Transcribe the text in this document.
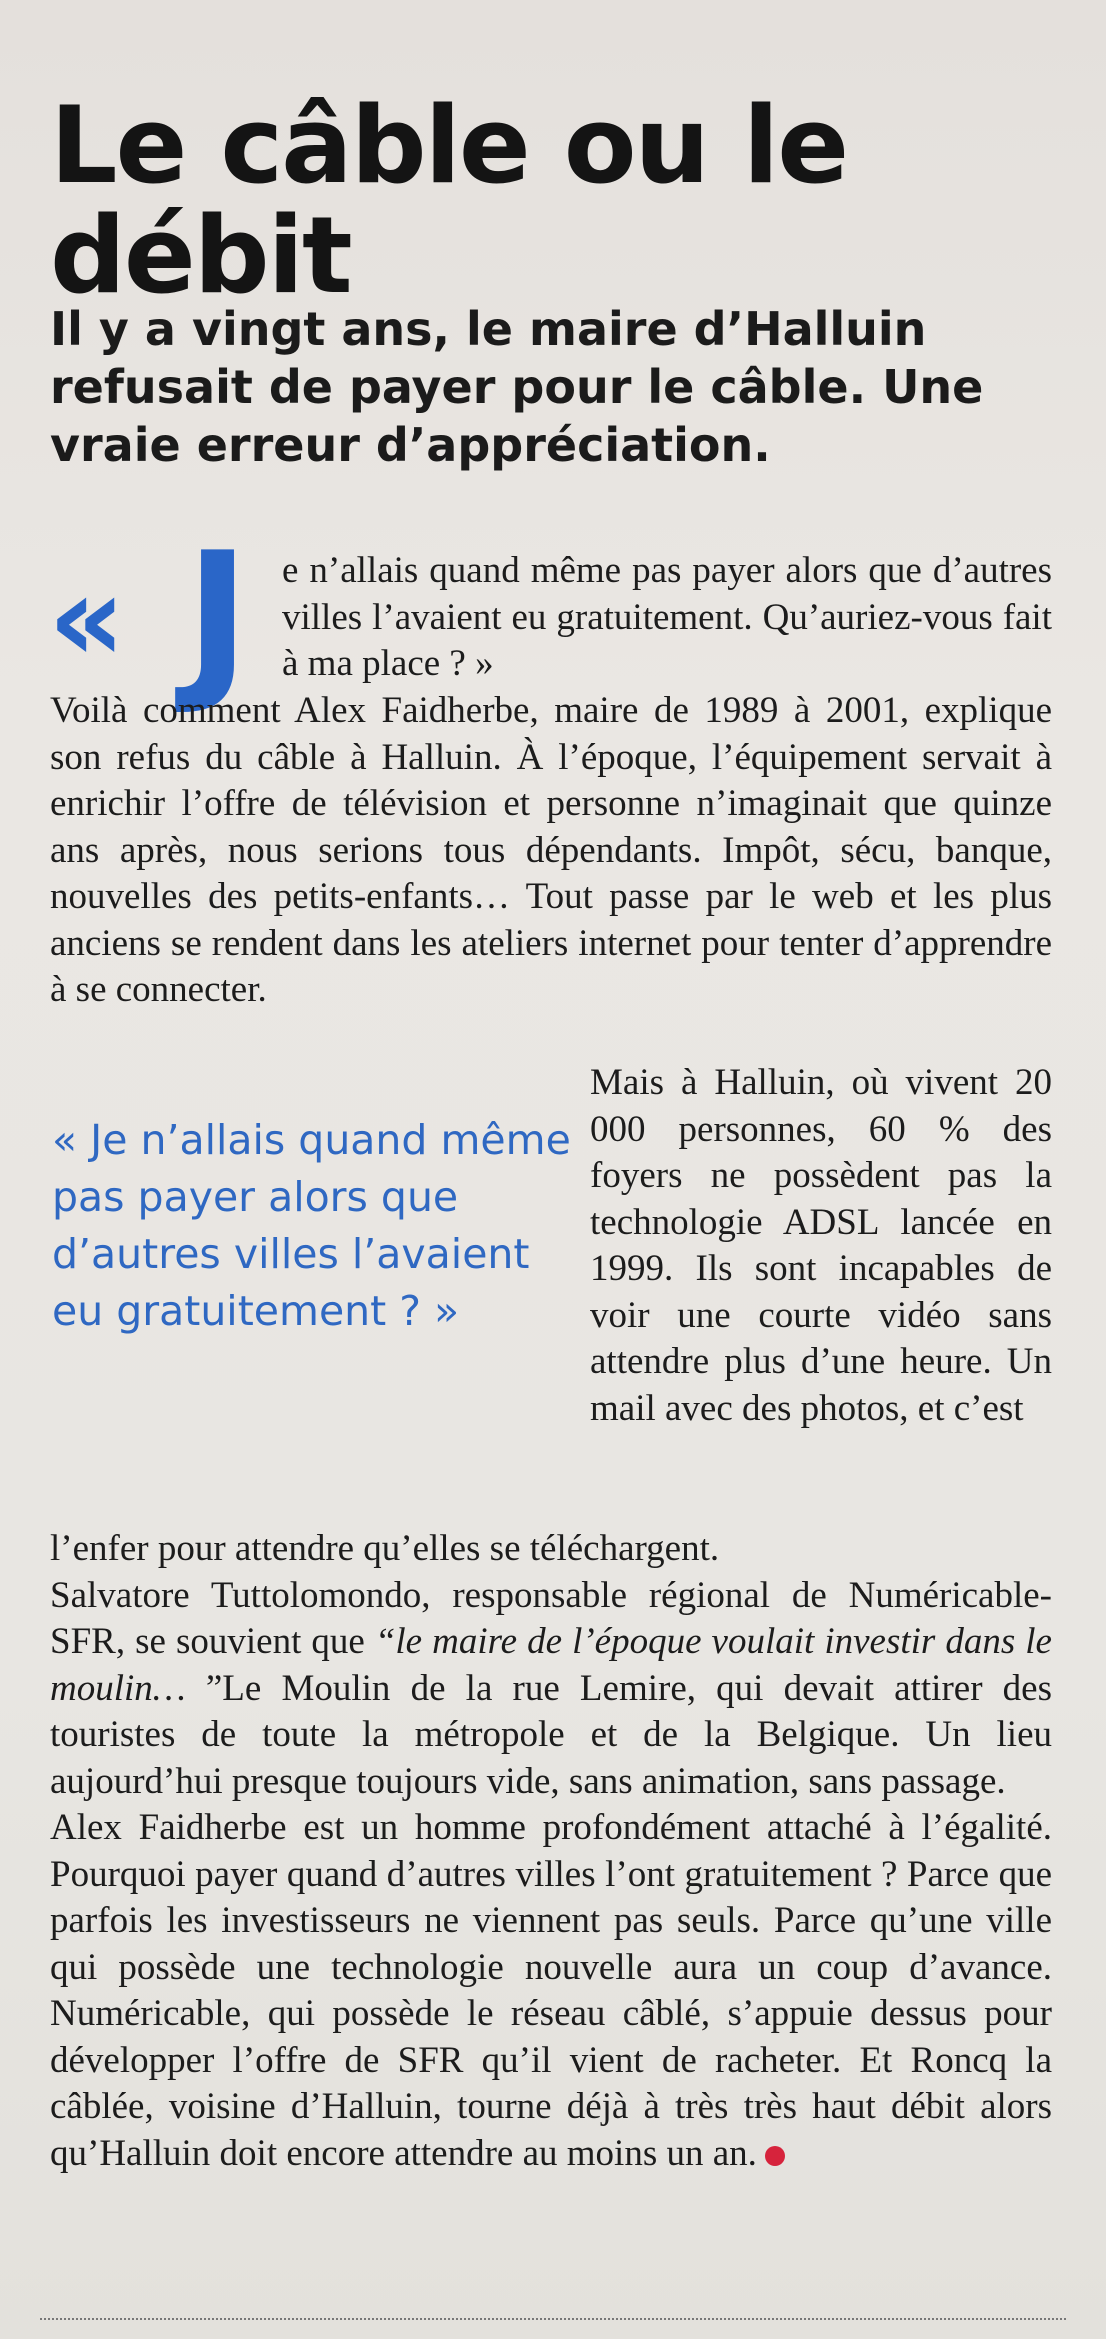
Le câble ou le débit
Il y a vingt ans, le maire d’Halluin refusait de payer pour le câble. Une vraie erreur d’appréciation.
« J e n’allais quand même pas payer alors que d’autres villes l’avaient eu gratuitement. Qu’auriez-vous fait à ma place ? »

Voilà comment Alex Faidherbe, maire de 1989 à 2001, explique son refus du câble à Halluin. À l’époque, l’équipement servait à enrichir l’offre de télévision et personne n’imaginait que quinze ans après, nous serions tous dépendants. Impôt, sécu, banque, nouvelles des petits-enfants… Tout passe par le web et les plus anciens se rendent dans les ateliers internet pour tenter d’apprendre à se connecter.

« Je n’allais quand même pas payer alors que d’autres villes l’avaient eu gratuitement ? »

Mais à Halluin, où vivent 20 000 personnes, 60 % des foyers ne possèdent pas la technologie ADSL lancée en 1999. Ils sont incapables de voir une courte vidéo sans attendre plus d’une heure. Un mail avec des photos, et c’est

l’enfer pour attendre qu’elles se téléchargent.

Salvatore Tuttolomondo, responsable régional de Numéricable-SFR, se souvient que “le maire de l’époque voulait investir dans le moulin… ”Le Moulin de la rue Lemire, qui devait attirer des touristes de toute la métropole et de la Belgique. Un lieu aujourd’hui presque toujours vide, sans animation, sans passage.

Alex Faidherbe est un homme profondément attaché à l’égalité. Pourquoi payer quand d’autres villes l’ont gratuitement ? Parce que parfois les investisseurs ne viennent pas seuls. Parce qu’une ville qui possède une technologie nouvelle aura un coup d’avance. Numéricable, qui possède le réseau câblé, s’appuie dessus pour développer l’offre de SFR qu’il vient de racheter. Et Roncq la câblée, voisine d’Halluin, tourne déjà à très très haut débit alors qu’Halluin doit encore attendre au moins un an.
